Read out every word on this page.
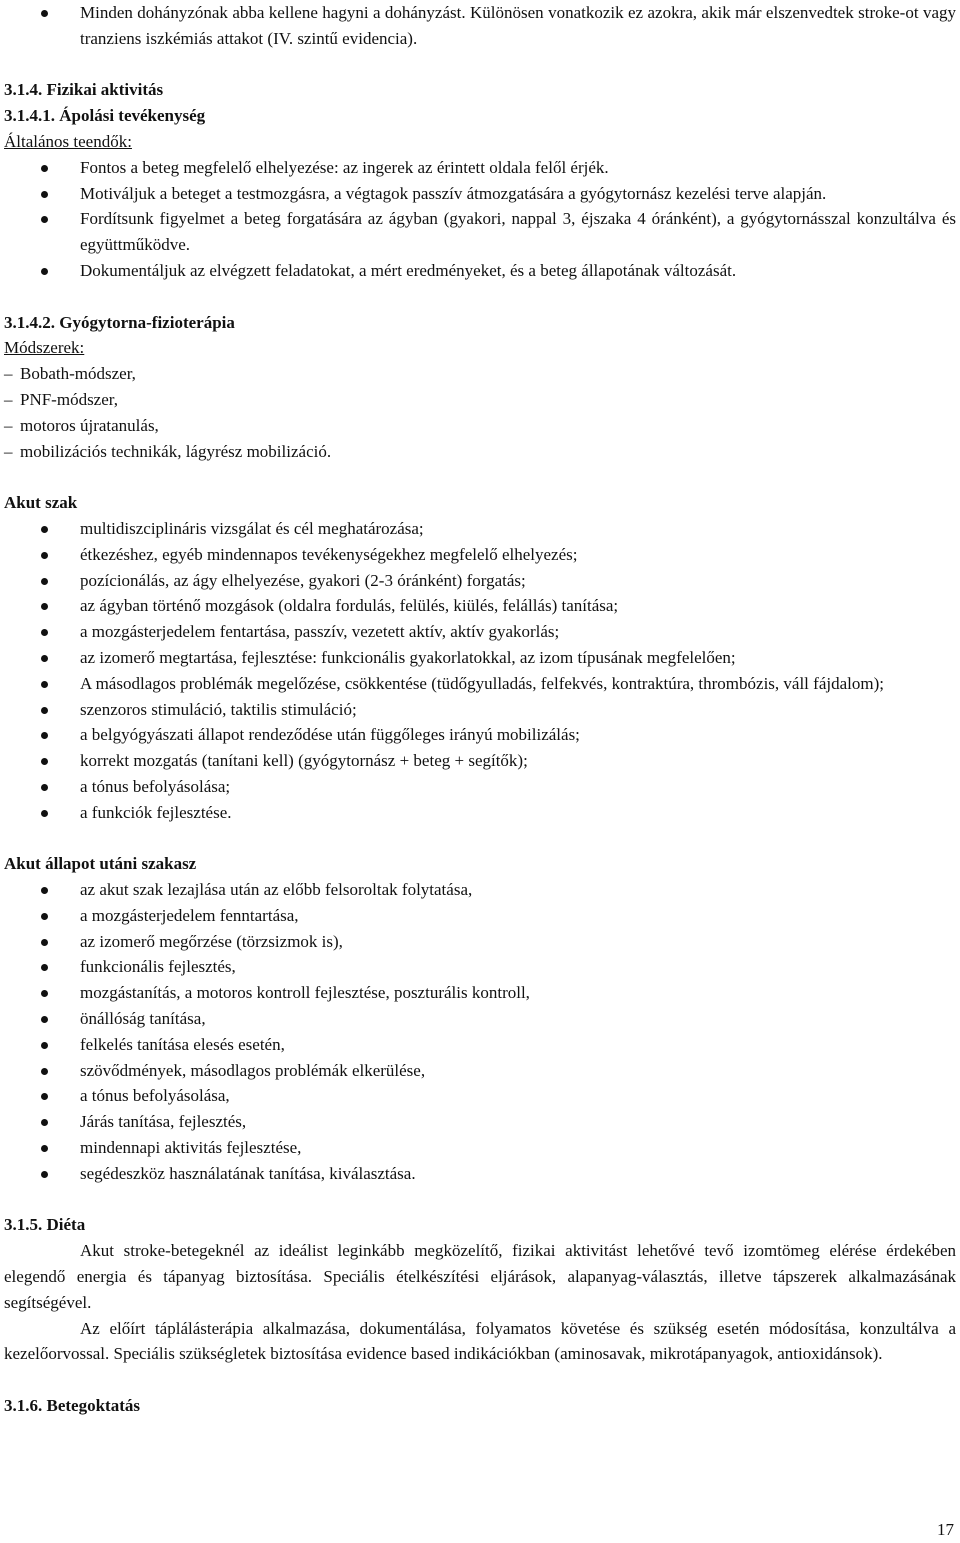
Minden dohányzónak abba kellene hagyni a dohányzást. Különösen vonatkozik ez azokra, akik már elszenvedtek stroke-ot vagy tranziens iszkémiás attakot (IV. szintű evidencia).
3.1.4. Fizikai aktivitás
3.1.4.1. Ápolási tevékenység
Általános teendők:
Fontos a beteg megfelelő elhelyezése: az ingerek az érintett oldala felől érjék.
Motiváljuk a beteget a testmozgásra, a végtagok passzív átmozgatására a gyógytornász kezelési terve alapján.
Fordítsunk figyelmet a beteg forgatására az ágyban (gyakori, nappal 3, éjszaka 4 óránként), a gyógytornásszal konzultálva és együttműködve.
Dokumentáljuk az elvégzett feladatokat, a mért eredményeket, és a beteg állapotának változását.
3.1.4.2. Gyógytorna-fizioterápia
Módszerek:
– Bobath-módszer,
– PNF-módszer,
– motoros újratanulás,
– mobilizációs technikák, lágyrész mobilizáció.
Akut szak
multidiszciplináris vizsgálat és cél meghatározása;
étkezéshez, egyéb mindennapos tevékenységekhez megfelelő elhelyezés;
pozícionálás, az ágy elhelyezése, gyakori (2-3 óránként) forgatás;
az ágyban történő mozgások (oldalra fordulás, felülés, kiülés, felállás) tanítása;
a mozgásterjedelem fentartása, passzív, vezetett aktív, aktív gyakorlás;
az izomerő megtartása, fejlesztése: funkcionális gyakorlatokkal, az izom típusának megfelelően;
A másodlagos problémák megelőzése, csökkentése (tüdőgyulladás, felfekvés, kontraktúra, thrombózis, váll fájdalom);
szenzoros stimuláció, taktilis stimuláció;
a belgyógyászati állapot rendeződése után függőleges irányú mobilizálás;
korrekt mozgatás (tanítani kell) (gyógytornász + beteg + segítők);
a tónus befolyásolása;
a funkciók fejlesztése.
Akut állapot utáni szakasz
az akut szak lezajlása után az előbb felsoroltak folytatása,
a mozgásterjedelem fenntartása,
az izomerő megőrzése (törzsizmok is),
funkcionális fejlesztés,
mozgástanítás, a motoros kontroll fejlesztése, poszturális kontroll,
önállóság tanítása,
felkelés tanítása elesés esetén,
szövődmények, másodlagos problémák elkerülése,
a tónus befolyásolása,
Járás tanítása, fejlesztés,
mindennapi aktivitás fejlesztése,
segédeszköz használatának tanítása, kiválasztása.
3.1.5. Diéta

Akut stroke-betegeknél az ideálist leginkább megközelítő, fizikai aktivitást lehetővé tevő izomtömeg elérése érdekében elegendő energia és tápanyag biztosítása. Speciális ételkészítési eljárások, alapanyag-választás, illetve tápszerek alkalmazásának segítségével.

Az előírt táplálásterápia alkalmazása, dokumentálása, folyamatos követése és szükség esetén módosítása, konzultálva a kezelőorvossal. Speciális szükségletek biztosítása evidence based indikációkban (aminosavak, mikrotápanyagok, antioxidánsok).

3.1.6. Betegoktatás
17
